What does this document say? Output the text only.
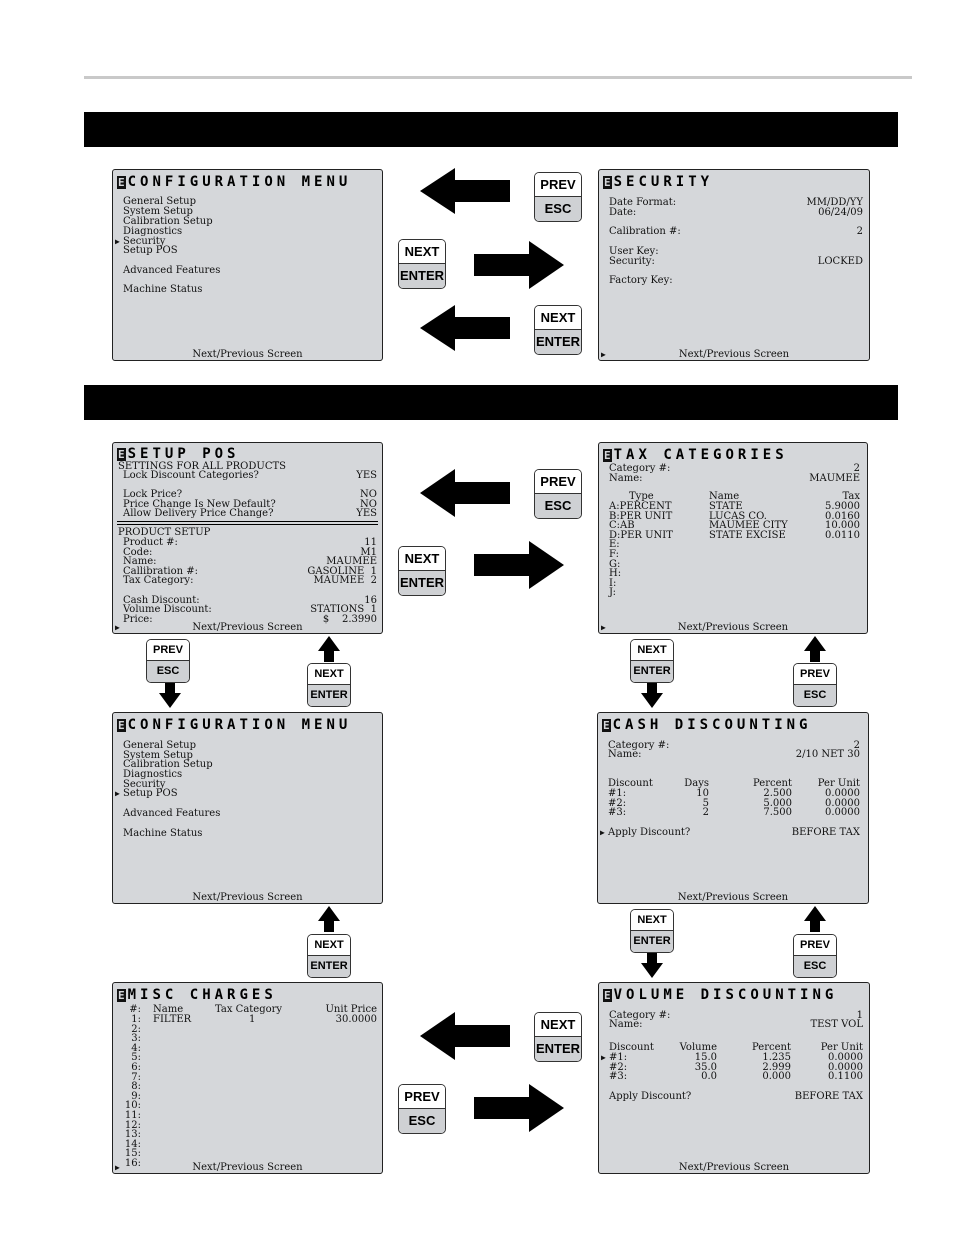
E CONFIGURATION MENU
General Setup
System Setup
Calibration Setup
Diagnostics
▶ Security
Setup POS
Advanced Features
Machine Status
Next/Previous Screen
E SECURITY
Date Format:	MM/DD/YY
Date:	06/24/09
Calibration #:	2
User Key:
Security:	LOCKED
Factory Key:
▶	Next/Previous Screen
E SETUP POS
SETTINGS FOR ALL PRODUCTS
Lock Discount Categories?	YES
Lock Price?	NO
Price Change Is New Default?	NO
Allow Delivery Price Change?	YES
PRODUCT SETUP
Product #:	11
Code:	M1
Name:	MAUMEE
Callibration #:	GASOLINE  1
Tax Category:	MAUMEE  2
Cash Discount:	16
Volume Discount:	STATIONS  1
Price:	$    2.3990
▶	Next/Previous Screen
E TAX CATEGORIES
Category #:	2
Name:	MAUMEE
Type	Name	Tax
▶	Next/Previous Screen
A:PERCENT	STATE	5.9000
B:PER UNIT	LUCAS CO.	0.0160
C:AB	MAUMEE CITY	10.000
D:PER UNIT	STATE EXCISE	0.0110
E:
F:
G:
H:
I:
J:
E CONFIGURATION MENU
General Setup
System Setup
Calibration Setup
Diagnostics
Security
▶ Setup POS
Advanced Features
Machine Status
Next/Previous Screen
E CASH DISCOUNTING
Category #:	2
Name:	2/10 NET 30
Discount	Days	Percent	Per Unit
▶ Apply Discount?	BEFORE TAX
Next/Previous Screen
#1:	10	2.500	0.0000
#2:	5	5.000	0.0000
#3:	2	7.500	0.0000
E MISC CHARGES
#: Name	Tax Category	Unit Price
▶	Next/Previous Screen
1: FILTER	1	30.0000
2:
3:
4:
5:
6:
7:
8:
9:
10:
11:
12:
13:
14:
15:
16:
E VOLUME DISCOUNTING
Category #:	1
Name:	TEST VOL
Discount	Volume	Percent	Per Unit
▶
Apply Discount?	BEFORE TAX
Next/Previous Screen
#1:	15.0	1.235	0.0000
#2:	35.0	2.999	0.0000
#3:	0.0	0.000	0.1100
PREV
ESC
NEXT
ENTER
NEXT
ENTER
PREV
ESC
NEXT
ENTER
PREV
ESC	NEXT
ENTER
NEXT
ENTER	PREV
ESC
NEXT
ENTER
NEXT
ENTER	PREV
ESC
NEXT
ENTER
PREV
ESC
